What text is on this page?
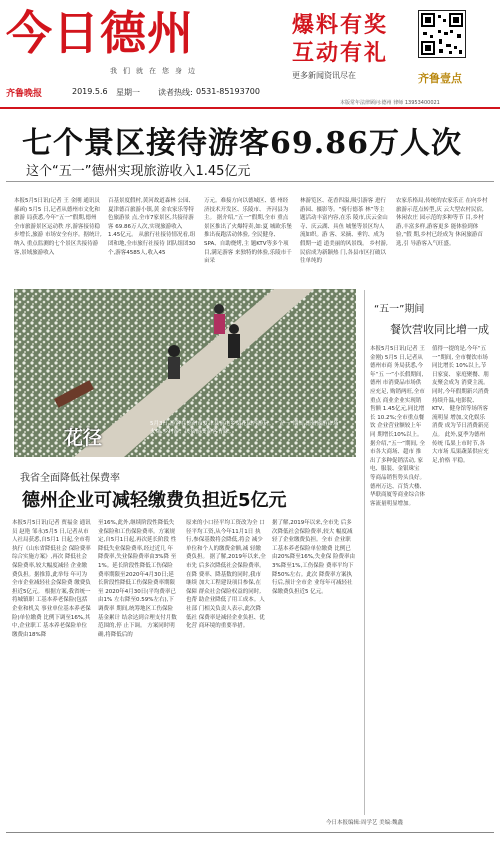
今日德州
我们就在您身边
爆料有奖
互动有礼
更多新闻资讯尽在	齐鲁壹点
齐鲁晚报	2019.5.6 星期一 读者热线: 0531-85193700
本版常年法律顾问:德州 律师 13953400021
七个景区接待游客69.86万人次
这个“五一”德州实现旅游收入1.45亿元
本报5月5日讯(记者 王 金刚 通讯员 郝函) 5月5 日,记者从德州市文化和旅游 局获悉,今年“五一”假期,德州 全市旅游景区运动秩 序,游客接待稳步增长,旅游 市场安全有序。据统计,纳入 重点监测的七个景区共接待游 客,景域旅游收入
百基景度假村,黄河故道森林 公园、夏津德百旅游小镇,黄 金农家乐等特色旅游景 点,全市7家景区,共接待游客 69.86万人次,实现旅游收入 1.45亿元。 从旅行社接待情况看,组 团和地,全市旅行社接待 团队组团30个,游客4585人,收入45
万元。难接方向以德城区、德 州经济技术开发区、乐陵市、 齐河县为主。 据介绍,“五一”假期,全市 重点景区推出了火爆特卖,如:夏 城欧乐堡推出夜跑活动体验, 全民健身、SPA、自助烧烤,主 题KTV等多个项目,满足游客 来独特的体验,乐陵市千亩采
林游览区、花香四溢,吸引游客 进行游园、摄影等。“骑行德茶 林”等主题活动丰富内容,在乐 陵市,庆云金山寺、庆云湖、具鱼 城堡等景区均人流如织。游 客、采摘、垂钓、成为假期一道 道美丽的风景线。 乡村游,民宿成为新颖热 门,各县市区打破以往单纯的
农家乐格局,传统的农家乐正 在向乡村旅游示范点转型,庆 云大型农村民宿,休闲农庄 园示范的多种等节 目,乡村 游,丰富多样,游客更多 能体验到体验,“假 期,乡村已经成为 休闲旅游首选,引 导游客入气旺盛。
花径
5月3日,游客在德州市夏津县前屯乡梨花园内游玩。 “五一”期间,德州旅游市场火爆,乡村游、民宿游受游客青睐。
“五一”期间
餐饮营收同比增一成
本报5月5日讯(记者 王金刚) 5月5 日,记者从德州市商 务局获悉,今年“五 一”小长假期间,德州 市消费品市场供应充足, 购销两旺,全市重点 商业企业实现销售额 1.45亿元,同比增长 10.2%;全市重点餐饮 企业营业额较上年同 期增长10%以上。 据介绍,“五一”期间, 全市各大商场、超市 推出了多种促销活动, 家电、服装、金银珠宝 等商品销售势头良好。 德州万达、百货大楼、 华联商厦等商业综合体 客流量明显增加。
值得一提的是,今年“五一”期间, 全市餐饮市场同比增长 10%以上,节日家宴、 家庭聚餐、朋友聚会成为 消费主流。 同时,今年假期新兴消费 持续升温,电影院、KTV、 健身馆等场所客流明显 增加,文化娱乐消费 成为节日消费新亮点。 此外,夏季为德州传统 瓜果上市时节,各大市场 瓜果蔬菜供应充足,价格 平稳。
我省全面降低社保费率
德州企业可减轻缴费负担近5亿元
本报5月5日讯(记者 贾福金 通讯员 赵艳 邹永)5月5 日,记者从市人社局获悉,自5月1 日起,全市将执行《山东省降低社会 保险费率综合实施方案》,再次 降低社会保险费率,较大幅度减轻 企业缴费负担。据推算,此举每 年可为全市企业减轻社会保险费 缴费负担近5亿元。 根据方案,我省统一将城镇职 工基本养老保险(包括企业和机关 事业单位基本养老保险)单位缴费 比例下调至16%,其中,企业职工 基本养老保险单位缴费由18%降
至16%,此外,继续阶段性降低失 业保险和工伤保险费率。方案规 定,自5月1日起,再次延长阶段 性降低失业保险费率,经过近几 年降费率,失业保险费率由3%降 至1%。延长阶段性降低工伤保险 费率期限至2020年4月30日;延 长阶段性降低工伤保险费率期限至 2020年4月30日(平均费率已由1% 左右降至0.59%左右),下调费率 期间,统筹地区工伤保险基金累计 结余达到合理支付月数范围的,停 止下调。 方案同时明确,将降低后的
原来的小口径平均工资改为全 口径平均工资,从今年11月1日 执行,参保基数将会降低,将会 减少单位和个人的缴费金额,减 轻缴费负担。 据了解,2019年以来,全市先 后多次降低社会保险费率。在降 费率、降基数的同时,我市继续 加大工程建设项目参保,在保障 群众社会保险权益的同时,也帮 助企业降低了用工成本。人社部 门相关负责人表示,此次降低社 保费率是减轻企业负担、优化营 商环境的重要举措。
据了解,2019年以来,全市先 后多次降低社会保险费率,较大 幅度减轻了企业缴费负担。全市 企业职工基本养老保险单位缴费 比例已由20%降至16%,失业保 险费率由3%降至1%,工伤保险 费率平均下降50%左右。此次 降费率方案执行后,预计全市企 业每年可减轻社保缴费负担近5 亿元。
今日本报编辑:周学艺 美编:魏鑫
